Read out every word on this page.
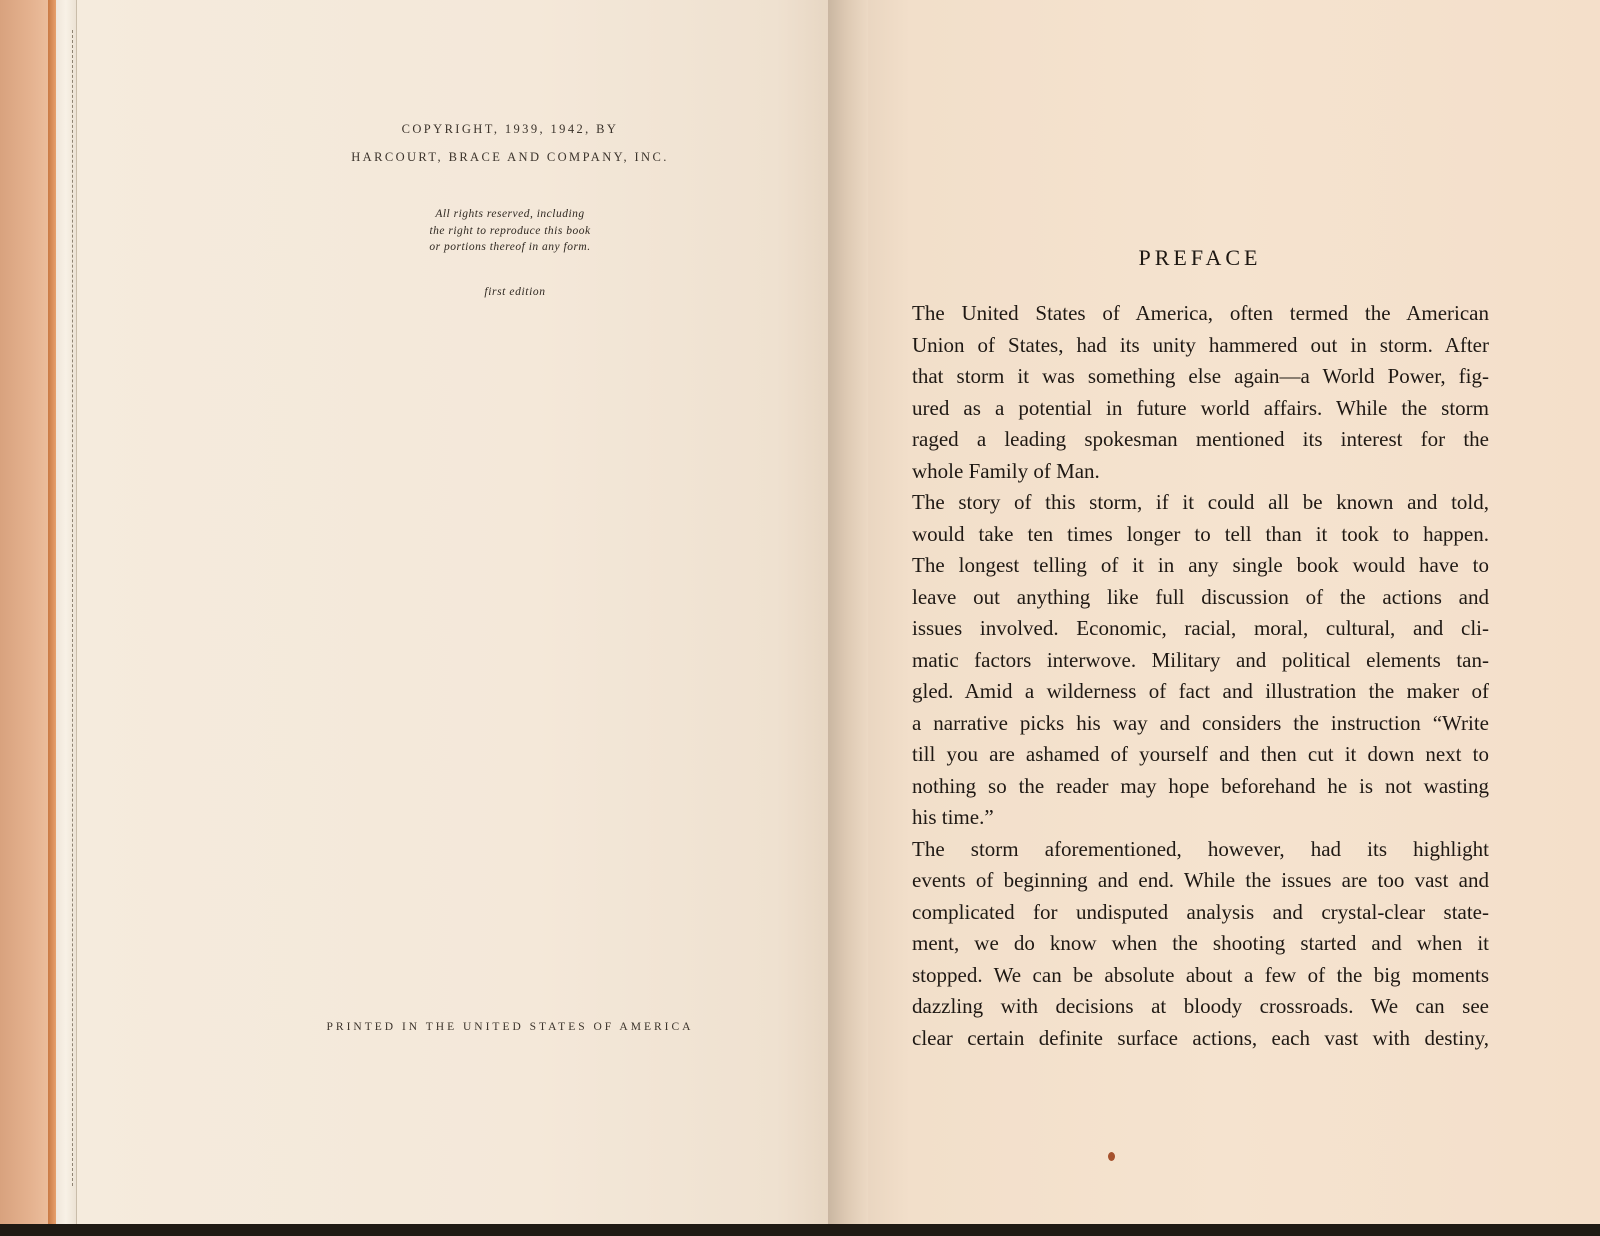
COPYRIGHT, 1939, 1942, BY
HARCOURT, BRACE AND COMPANY, INC.
All rights reserved, including
the right to reproduce this book
or portions thereof in any form.
first edition
PRINTED IN THE UNITED STATES OF AMERICA
PREFACE

The United States of America, often termed the American

Union of States, had its unity hammered out in storm. After

that storm it was something else again—a World Power, fig-

ured as a potential in future world affairs. While the storm

raged a leading spokesman mentioned its interest for the

whole Family of Man.

The story of this storm, if it could all be known and told,

would take ten times longer to tell than it took to happen.

The longest telling of it in any single book would have to

leave out anything like full discussion of the actions and

issues involved. Economic, racial, moral, cultural, and cli-

matic factors interwove. Military and political elements tan-

gled. Amid a wilderness of fact and illustration the maker of

a narrative picks his way and considers the instruction “Write

till you are ashamed of yourself and then cut it down next to

nothing so the reader may hope beforehand he is not wasting

his time.”

The storm aforementioned, however, had its highlight

events of beginning and end. While the issues are too vast and

complicated for undisputed analysis and crystal-clear state-

ment, we do know when the shooting started and when it

stopped. We can be absolute about a few of the big moments

dazzling with decisions at bloody crossroads. We can see

clear certain definite surface actions, each vast with destiny,
